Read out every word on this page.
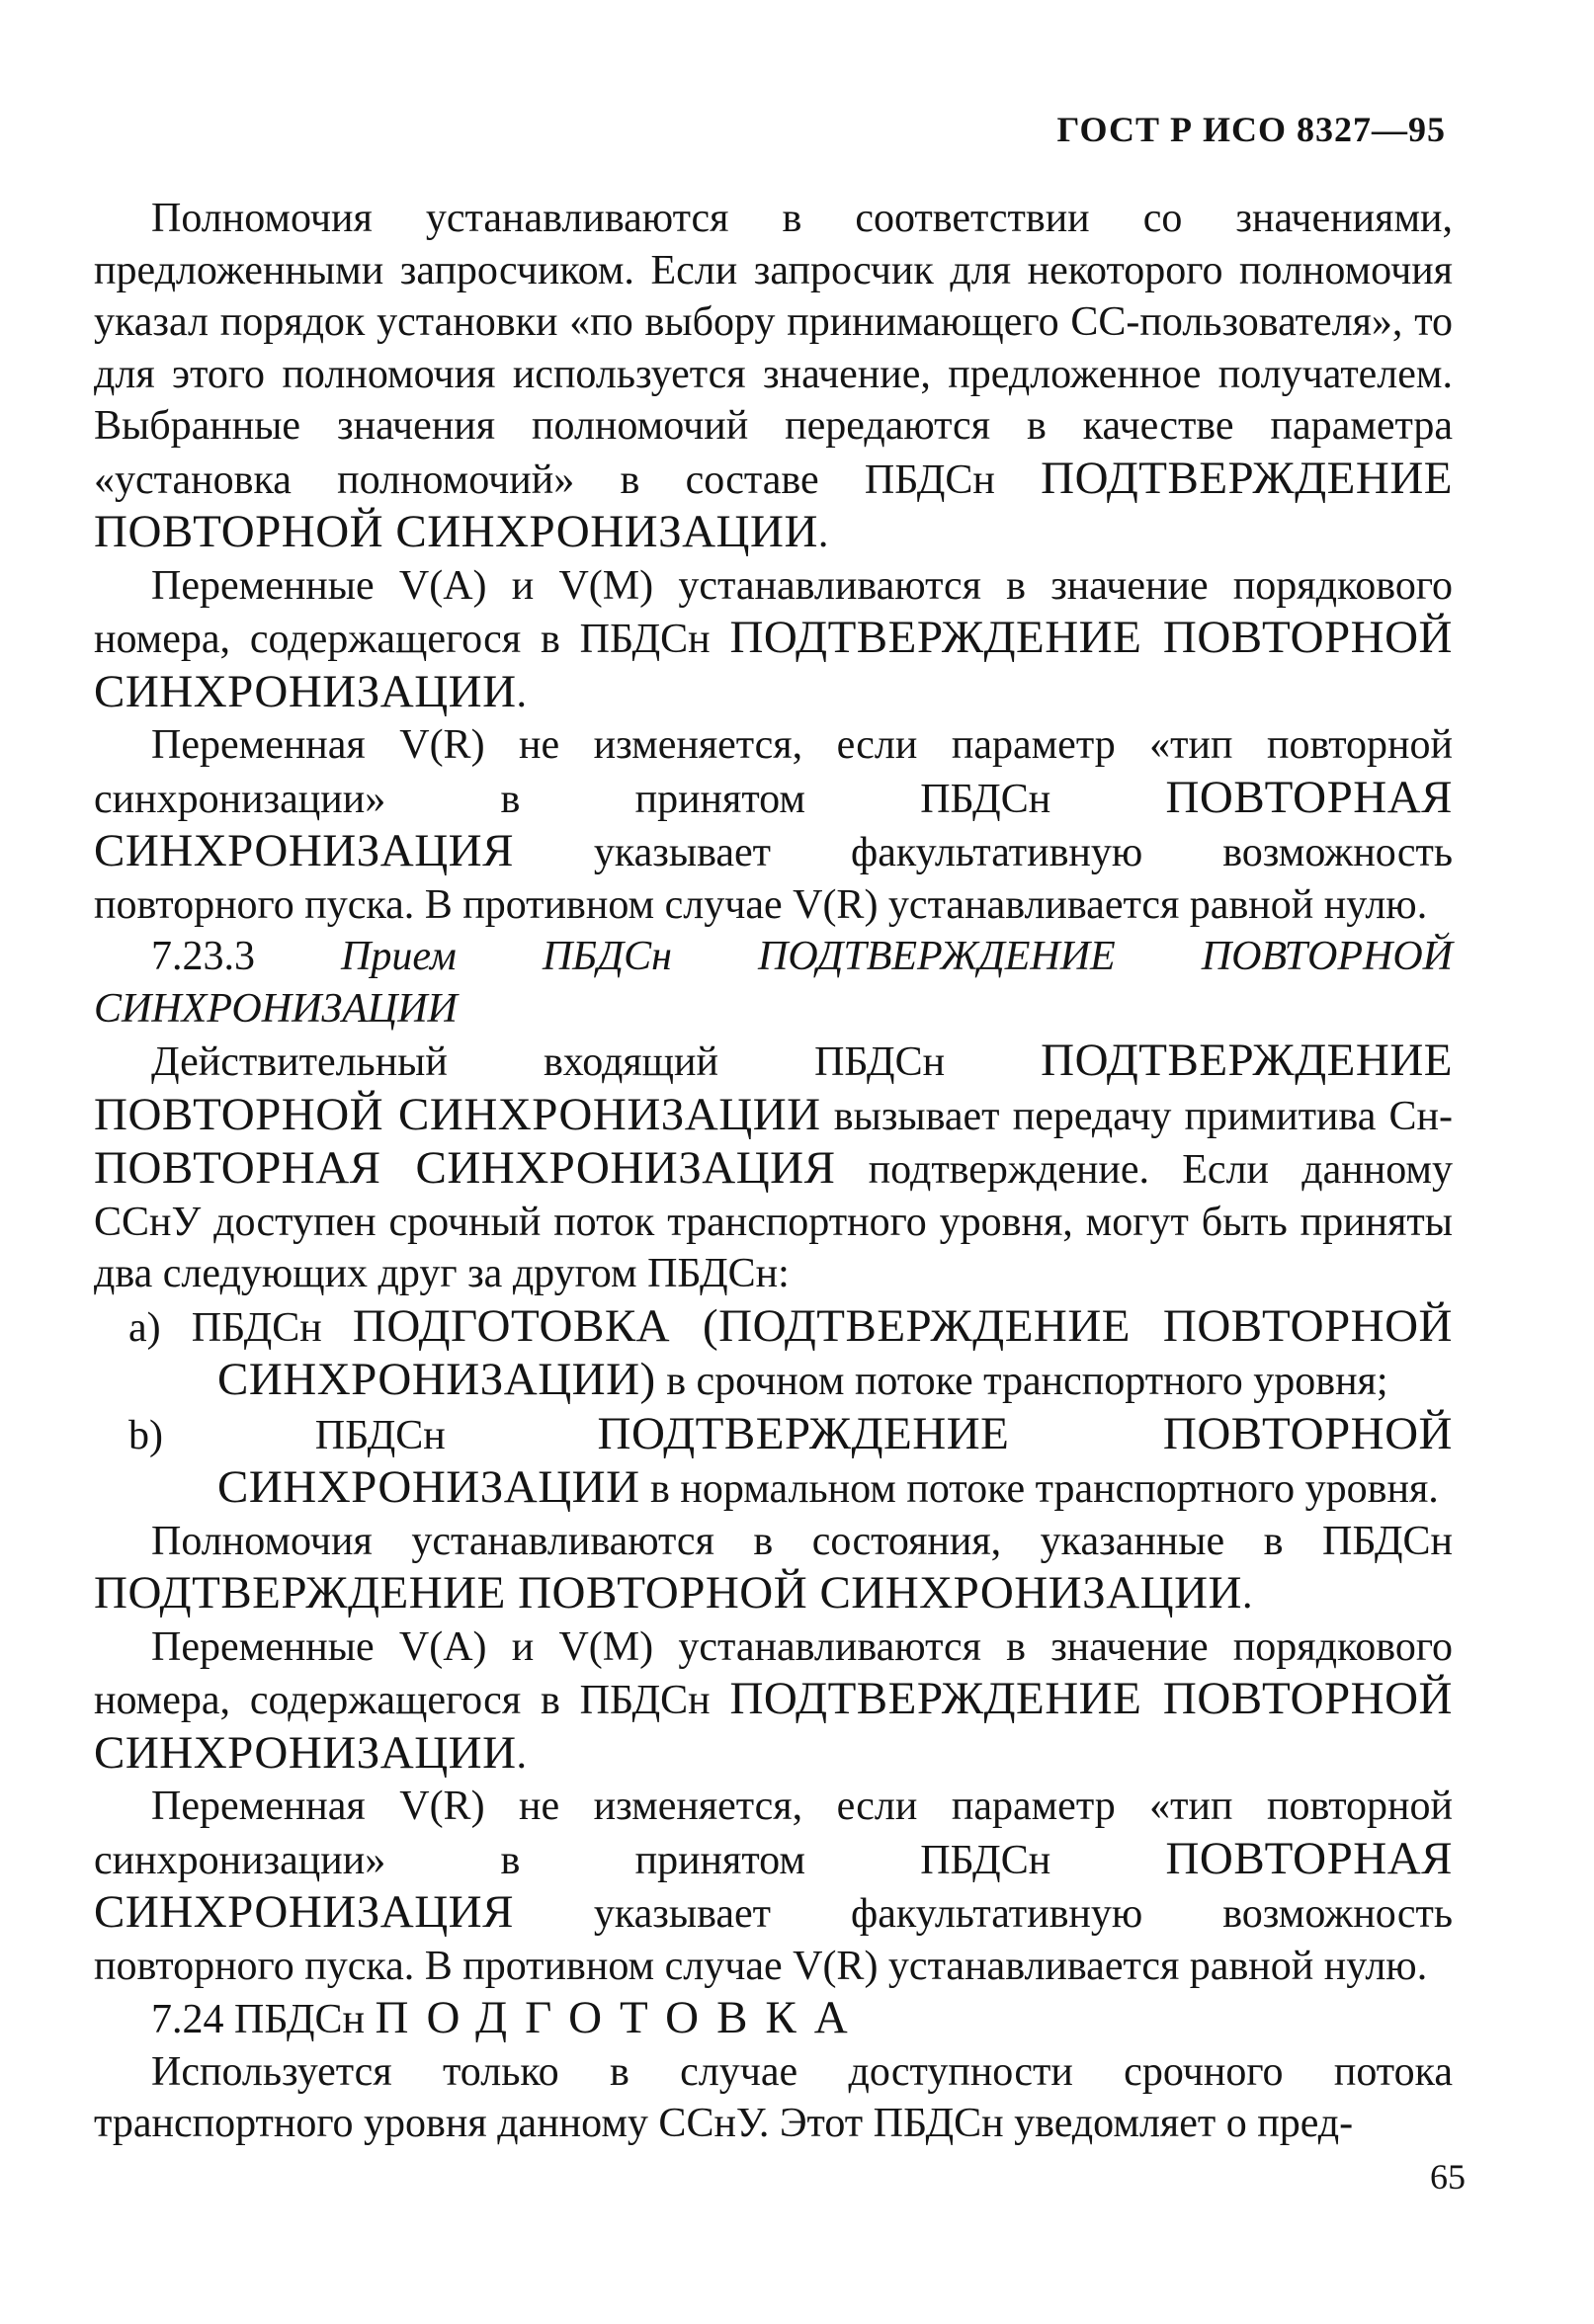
ГОСТ Р ИСО 8327—95

Полномочия устанавливаются в соответствии со значениями, предложенными запросчиком. Если запросчик для некоторого полномочия указал порядок установки «по выбору принимающего СС-пользователя», то для этого полномочия используется значение, предложенное получателем. Выбранные значения полномочий передаются в качестве параметра «установка полномочий» в составе ПБДСн ПОДТВЕРЖДЕНИЕ ПОВТОРНОЙ СИНХРОНИЗАЦИИ.

Переменные V(A) и V(M) устанавливаются в значение порядкового номера, содержащегося в ПБДСн ПОДТВЕРЖДЕНИЕ ПОВТОРНОЙ СИНХРОНИЗАЦИИ.

Переменная V(R) не изменяется, если параметр «тип повторной синхронизации» в принятом ПБДСн ПОВТОРНАЯ СИНХРОНИЗАЦИЯ указывает факультативную возможность повторного пуска. В противном случае V(R) устанавливается равной нулю.

7.23.3 Прием ПБДСн ПОДТВЕРЖДЕНИЕ ПОВТОРНОЙ СИНХРОНИЗАЦИИ

Действительный входящий ПБДСн ПОДТВЕРЖДЕНИЕ ПОВТОРНОЙ СИНХРОНИЗАЦИИ вызывает передачу примитива Сн-ПОВТОРНАЯ СИНХРОНИЗАЦИЯ подтверждение. Если данному ССнУ доступен срочный поток транспортного уровня, могут быть приняты два следующих друг за другом ПБДСн:

а) ПБДСн ПОДГОТОВКА (ПОДТВЕРЖДЕНИЕ ПОВТОРНОЙ СИНХРОНИЗАЦИИ) в срочном потоке транспортного уровня;

b) ПБДСн ПОДТВЕРЖДЕНИЕ ПОВТОРНОЙ СИНХРОНИЗАЦИИ в нормальном потоке транспортного уровня.

Полномочия устанавливаются в состояния, указанные в ПБДСн ПОДТВЕРЖДЕНИЕ ПОВТОРНОЙ СИНХРОНИЗАЦИИ.

Переменные V(A) и V(M) устанавливаются в значение порядкового номера, содержащегося в ПБДСн ПОДТВЕРЖДЕНИЕ ПОВТОРНОЙ СИНХРОНИЗАЦИИ.

Переменная V(R) не изменяется, если параметр «тип повторной синхронизации» в принятом ПБДСн ПОВТОРНАЯ СИНХРОНИЗАЦИЯ указывает факультативную возможность повторного пуска. В противном случае V(R) устанавливается равной нулю.

7.24 ПБДСн ПОДГОТОВКА

Используется только в случае доступности срочного потока транспортного уровня данному ССнУ. Этот ПБДСн уведомляет о пред-

65
